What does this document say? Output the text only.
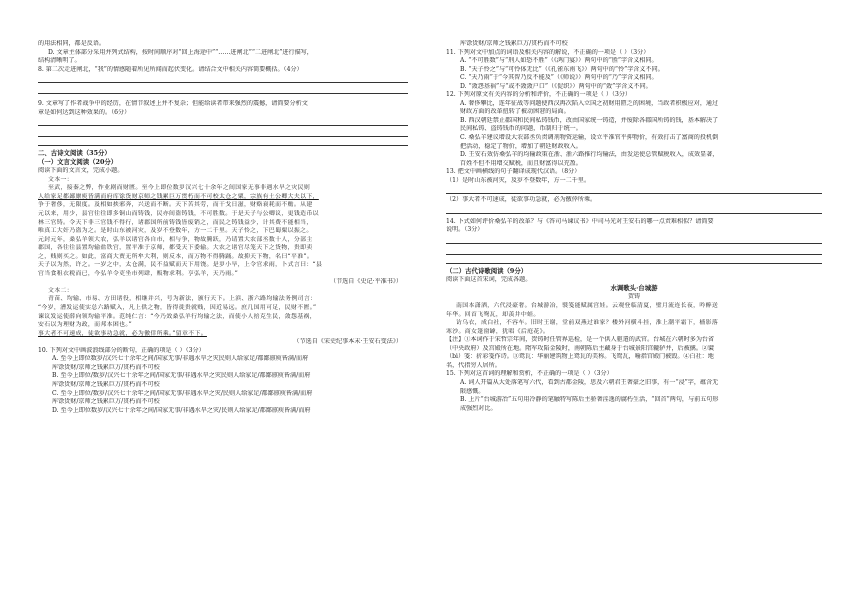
的用法相同，都是反语。
D. 文章主体部分采用并列式结构，按时间顺序对“回上海途中”“……进闸北”“二进闸北”进行描写，
结构清晰明了。
8. 第二次走进闸北，“我”的情感随着所见所闻而起伏变化。请结合文中相关内容简要概括。（4分）
9. 文章写了作者战争中的经历，在情节叙述上并不复杂；但能给读者带来强烈的震撼，请简要分析文
章是如何达到这种效果的。（6分）
二、古诗文阅读（35分）
（一）文言文阅读（20分）
阅读下面的文言文，完成小题。
文本一：
至武，接秦之弊，作业剧而财匮。至今上即位数岁汉兴七十余年之间国家无事非遇水旱之灾民则
人给家足都鄙廪庾皆满而府库馀货财京师之钱累巨万贯朽而不可校太仓之粟，宗族有土公卿大夫以下，
争于奢侈，无限度。及相如挟邪奔，兴送而不断。天下苦其劳，而干戈日滋，财赂衰耗而不赡。从建
元以来，用少，县官往往即多铜山而铸钱，民亦间盗铸钱，不可胜数。于是天子与公卿议，更钱造币以
林三官铸。令天下非三官钱不得行，诸郡国所前铸钱皆废销之，而民之铸钱益少，计其费不能相当，
唯真工大奸乃盗为之。是时山东被河灾，及岁不登数年，方一二千里。天子怜之，下巴蜀粟以振之。
元封元年，桑弘羊领大农，弘羊以诸官各自市，相与争，物故腾跃，乃请置大农部丞数十人，分部主
郡国，各往往县置均输盐铁官，置平准于京师，都受天下委输。大农之诸官尽笼天下之货物，贵即卖
之，贱则买之。如此，富商大贾无所牟大利，则反本，而万物不得腾踊。故抑天下物，名曰“平准”。
天子以为然，许之。一岁之中，太仓满，民不益赋而天下用饶。是岁小旱，上令官求雨，卜式言曰：“县
官当食租衣税而已，今弘羊令吏坐市列肆，贩物求利。亨弘羊，天乃雨。”
（节选自《史记·平准书》）
文本二：
青苗、均输、市易、方田诸役，相继并兴，号为新法，颁行天下。上滨、浙六路均输法务例司言：
“今岁，漕发运使实总六路赋入，凡上供之物，皆得徙贵就贱，因近易远。庶几国用可足，民财不匮。”
谏议发运使薛向领均输平准。范纯仁言：“今乃效桑弘羊行均输之法，而使小人掊克生民，敛怨基祸，
安石以为理财为政，而邦本困也。”
事大者不可速成，徒欲事功急就，必为徼倖所乘。”留章不下。
（节选自《宋史纪事本末·王安石变法》）
10. 下列对文中画波浪线部分的断句，正确的项是（ ）（3分）
A. 至今上即位数岁/汉兴七十余年之间/国家无事/非遇水旱之灾民则人给家足/都鄙廪庾皆满/而府
库馀货财/京师之钱累巨万/贯朽而不可校
B. 至今上即位/数岁/汉兴七十余年之间/国家无事/非遇水旱之灾民则人给家足/都鄙廪庾皆满/而府
库馀货财/京师之钱累巨万/贯朽而不可校
C. 至今上即位/数岁/汉兴七十余年之间/国家无事/非遇水旱之灾/民则人给家足/都鄙廪庾皆满/而府
库馀货财/京师之钱累巨万/贯朽而不可校
D. 至今上即位数岁/汉兴七十余年之间/国家无事/非遇水旱之灾/民则人给家足/都鄙廪庾皆满/而府
库馀货财/京师之钱累巨万/贯朽而不可校
11. 下列对文中加点的词语及相关内容的解说，不正确的一项是（ ）（3分）
A. “不可胜数”与“刑人如恐不胜”（《鸿门宴》）两句中的“胜”字含义相同。
B. “天子怜之”与“可怜体无比”（《孔雀东南飞》）两句中的“怜”字含义不同。
C. “天乃雨”于“今其智乃反不能及”（《师说》）两句中的“乃”字含义相同。
D. “敛怨基祸”与“或不敛敛户口”（《促织》）两句中的“敛”字含义不同。
12. 下列对原文有关内容的分析和评价，不正确的一项是（ ）（3分）
A. 奢侈攀比，连年征战等问题使西汉再次陷入立国之初财用匮乏的困境，当政者积极应对，通过
财政方面的改革扭转了被动困窘的局面。
B. 西汉朝廷禁止郡国和民间私铸钱币，改由国家统一铸造，并废除各郡国所铸的钱，基本解决了
民间私铸、盗铸钱币的问题，币制归于统一。
C. 桑弘羊建议增设大农部丞负责调剂物资运输，设立平准官平抑物价，有效打击了富商的投机倒
把活动，稳定了物价，增加了朝廷财政收入。
D. 王安石效仿桑弘羊的均输政策在浙、浙六路推行均输法，由发运使总管赋税收入，成效显著，
百姓不但不用增交赋税，而且财富得以充盈。
13. 把文中画横线的句子翻译成现代汉语。（8分）
（1）是时山东被河灾，及岁不登数年，方一二千里。
（2）事大者不可速成，徒欲事功急就，必为徼倖所乘。
14. 卜式如何评价桑弘羊的改革？与《答司马谏议书》中司马光对王安石的哪一点责难相似？请简要
说明。（3分）
（二）古代诗歌阅读（9分）
阅读下面这首宋词，完成各题。
水调歌头·台城游
贺铸
南国本潇洒，六代浸豪奢。台城游冶，襞笺能赋属宫娃。云观登临清夏，璧月流连长夜，吟醉送
年华。回首飞鸳瓦，却羡井中蛙。
访乌衣，成白社，不容车。旧时王谢，堂前双燕过谁家？楼外河横斗挂，淮上潮平霜下，樯影落
寒沙。商女篷窗罅，犹唱《后庭花》。
【注】①本词作于宋哲宗年间，贺铸时任管界巡检，是一个供人驱遣的武官。台城在六朝时多为台省
（中央政府）及宫殿所在地。隋军攻陷金陵时，南朝陈后主藏身于台城景阳宫辘轳井，后被擒。②襞
（bì）笺：折彩笺作诗。③鸳瓦：华丽建筑物上鸳瓦的美称。飞鸳瓦，喻指宫殿门被毁。④白社：地
名，代指穷人居所。
15. 下列对这首词的理解和赏析，不正确的一项是（ ）（3分）
A. 词人开篇从大处落笔写六代，看到古都金陵，思及六朝君王奢豪之旧事，有一“浸”字，蕴含无
限感慨。
B. 上片“台城游冶”五句用冷静的笔触特写陈后主骄奢淫逸的腐朽生活，“回首”两句，与前五句形
成强烈对比。
